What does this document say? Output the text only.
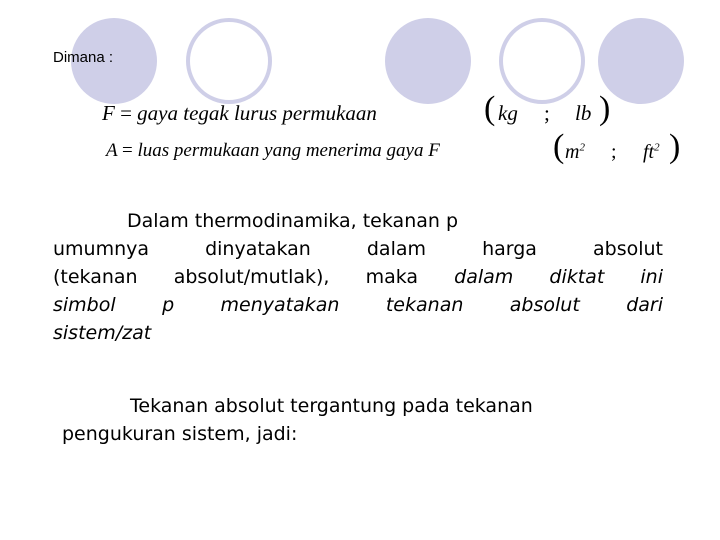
Dimana :
F = gaya tegak lurus permukaan	( kg ; lb )
A = luas permukaan yang menerima gaya F	( $m^2$ ; $ft^2$ )
Dalam thermodinamika, tekanan p
umumnya dinyatakan dalam harga absolut
(tekanan absolut/mutlak), maka dalam diktat ini
simbol p menyatakan tekanan absolut dari
sistem/zat
Tekanan absolut tergantung pada tekanan
pengukuran sistem, jadi:
